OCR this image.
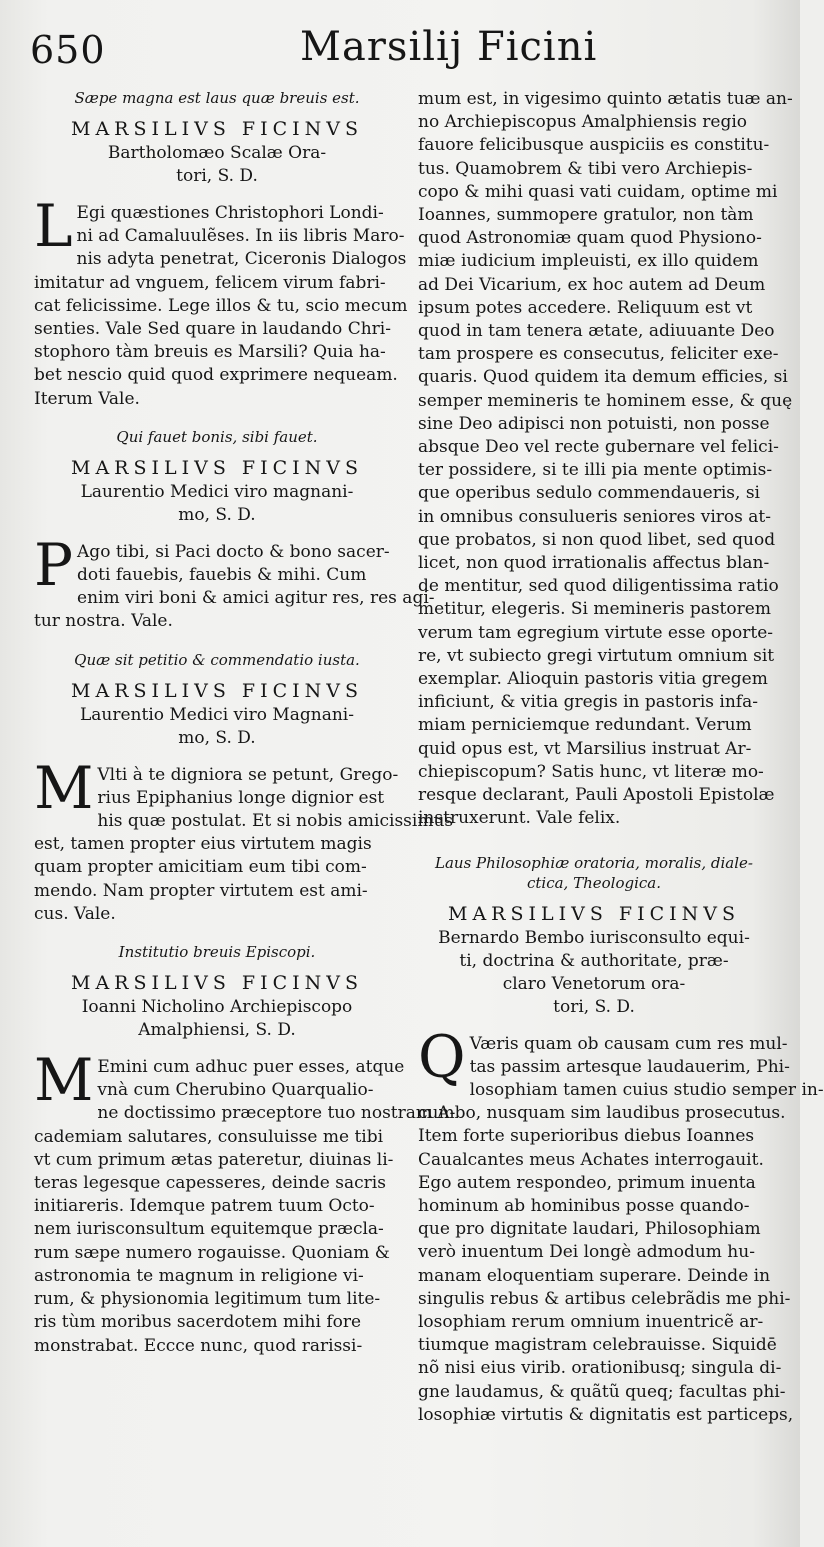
650	Marsilij Ficini

Sæpe magna est laus quæ breuis est.

MARSILIVS FICINVS

Bartholomæo Scalæ Ora-
tori, S. D.

L Egi quæstiones Christophori Londi-
ni ad Camaluulẽses. In iis libris Maro-
nis adyta penetrat, Ciceronis Dialogos
imitatur ad vnguem, felicem virum fabri-
cat felicissime. Lege illos & tu, scio mecum
senties. Vale Sed quare in laudando Chri-
stophoro tàm breuis es Marsili? Quia ha-
bet nescio quid quod exprimere nequeam.
Iterum Vale.

Qui fauet bonis, sibi fauet.

MARSILIVS FICINVS

Laurentio Medici viro magnani-
mo, S. D.

P Ago tibi, si Paci docto & bono sacer-
doti fauebis, fauebis & mihi. Cum
enim viri boni & amici agitur res, res agi-
tur nostra. Vale.

Quæ sit petitio & commendatio iusta.

MARSILIVS FICINVS

Laurentio Medici viro Magnani-
mo, S. D.

M Vlti à te digniora se petunt, Grego-
rius Epiphanius longe dignior est
his quæ postulat. Et si nobis amicissimus
est, tamen propter eius virtutem magis
quam propter amicitiam eum tibi com-
mendo. Nam propter virtutem est ami-
cus. Vale.

Institutio breuis Episcopi.

MARSILIVS FICINVS

Ioanni Nicholino Archiepiscopo
Amalphiensi, S. D.

M Emini cum adhuc puer esses, atque
vnà cum Cherubino Quarqualio-
ne doctissimo præceptore tuo nostram A-
cademiam salutares, consuluisse me tibi
vt cum primum ætas pateretur, diuinas li-
teras legesque capesseres, deinde sacris
initiareris. Idemque patrem tuum Octo-
nem iurisconsultum equitemque præcla-
rum sæpe numero rogauisse. Quoniam &
astronomia te magnum in religione vi-
rum, & physionomia legitimum tum lite-
ris tùm moribus sacerdotem mihi fore
monstrabat. Eccce nunc, quod rarissi-
mum est, in vigesimo quinto ætatis tuæ an-
no Archiepiscopus Amalphiensis regio
fauore felicibusque auspiciis es constitu-
tus. Quamobrem & tibi vero Archiepis-
copo & mihi quasi vati cuidam, optime mi
Ioannes, summopere gratulor, non tàm
quod Astronomiæ quam quod Physiono-
miæ iudicium impleuisti, ex illo quidem
ad Dei Vicarium, ex hoc autem ad Deum
ipsum potes accedere. Reliquum est vt
quod in tam tenera ætate, adiuuante Deo
tam prospere es consecutus, feliciter exe-
quaris. Quod quidem ita demum efficies, si
semper memineris te hominem esse, & quę
sine Deo adipisci non potuisti, non posse
absque Deo vel recte gubernare vel felici-
ter possidere, si te illi pia mente optimis-
que operibus sedulo commendaueris, si
in omnibus consulueris seniores viros at-
que probatos, si non quod libet, sed quod
licet, non quod irrationalis affectus blan-
de mentitur, sed quod diligentissima ratio
metitur, elegeris. Si memineris pastorem
verum tam egregium virtute esse oporte-
re, vt subiecto gregi virtutum omnium sit
exemplar. Alioquin pastoris vitia gregem
inficiunt, & vitia gregis in pastoris infa-
miam perniciemque redundant. Verum
quid opus est, vt Marsilius instruat Ar-
chiepiscopum? Satis hunc, vt literæ mo-
resque declarant, Pauli Apostoli Epistolæ
instruxerunt. Vale felix.

Laus Philosophiæ oratoria, moralis, diale-
ctica, Theologica.

MARSILIVS FICINVS

Bernardo Bembo iurisconsulto equi-
ti, doctrina & authoritate, præ-
claro Venetorum ora-
tori, S. D.

Q Væris quam ob causam cum res mul-
tas passim artesque laudauerim, Phi-
losophiam tamen cuius studio semper in-
cumbo, nusquam sim laudibus prosecutus.
Item forte superioribus diebus Ioannes
Caualcantes meus Achates interrogauit.
Ego autem respondeo, primum inuenta
hominum ab hominibus posse quando-
que pro dignitate laudari, Philosophiam
verò inuentum Dei longè admodum hu-
manam eloquentiam superare. Deinde in
singulis rebus & artibus celebrãdis me phi-
losophiam rerum omnium inuentricẽ ar-
tiumque magistram celebrauisse. Siquidē
nõ nisi eius virib. orationibusq; singula di-
gne laudamus, & quãtũ queq; facultas phi-
losophiæ virtutis & dignitatis est particeps,
